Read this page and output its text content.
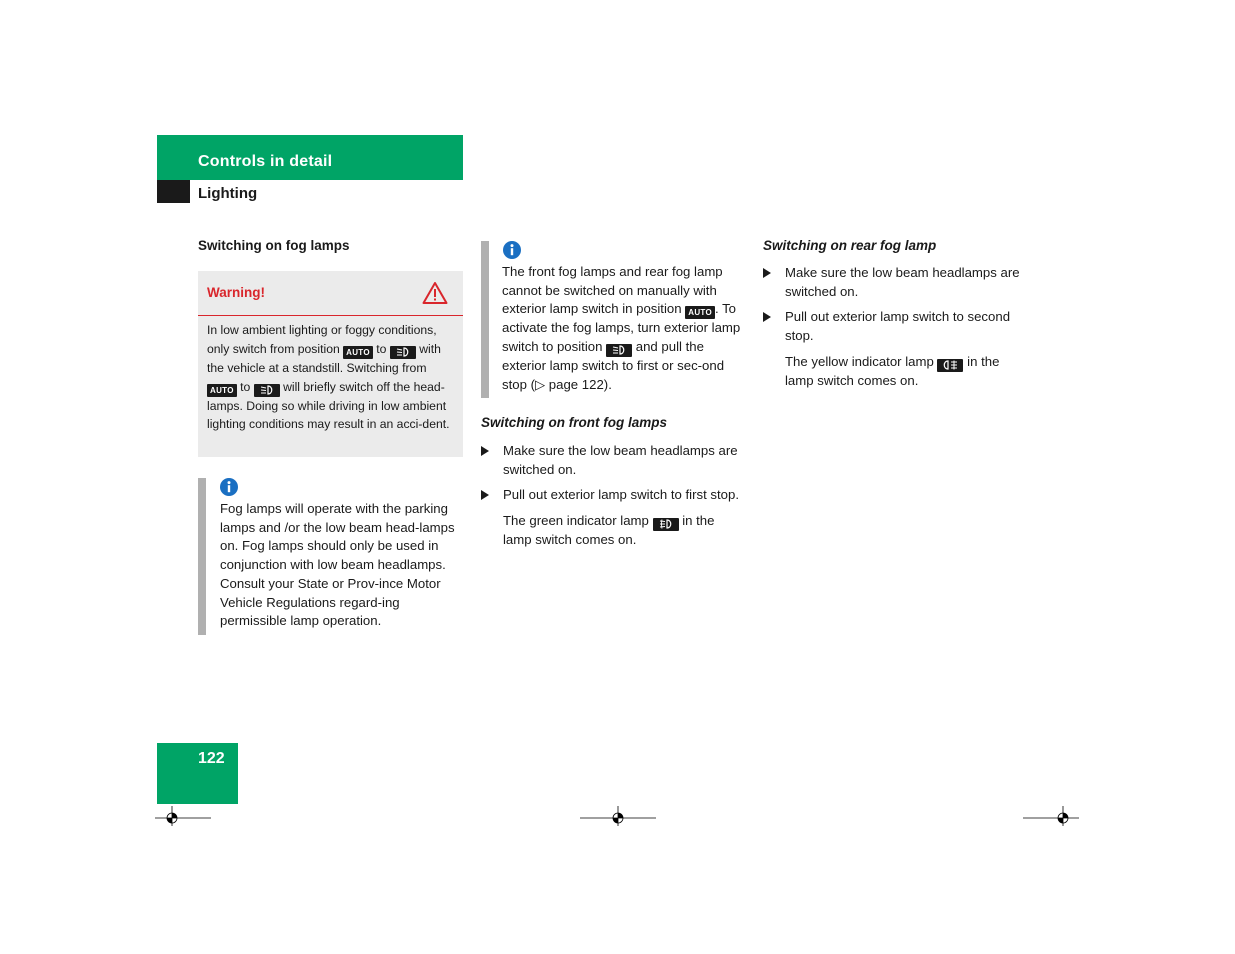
Controls in detail
Lighting
Switching on fog lamps
Warning!
In low ambient lighting or foggy conditions, only switch from position AUTO to	with the vehicle at a standstill. Switching from AUTO to	will briefly switch off the head-lamps. Doing so while driving in low ambient lighting conditions may result in an acci-dent.
Fog lamps will operate with the parking lamps and /or the low beam head-lamps on. Fog lamps should only be used in conjunction with low beam headlamps. Consult your State or Prov-ince Motor Vehicle Regulations regard-ing permissible lamp operation.
The front fog lamps and rear fog lamp cannot be switched on manually with exterior lamp switch in position AUTO . To activate the fog lamps, turn exterior lamp switch to position	and pull the exterior lamp switch to first or sec-ond stop (▷ page 122).
Switching on front fog lamps
Make sure the low beam headlamps are switched on.
Pull out exterior lamp switch to first stop.
The green indicator lamp	in the lamp switch comes on.
Switching on rear fog lamp
Make sure the low beam headlamps are switched on.
Pull out exterior lamp switch to second stop.
The yellow indicator lamp	in the lamp switch comes on.
122
